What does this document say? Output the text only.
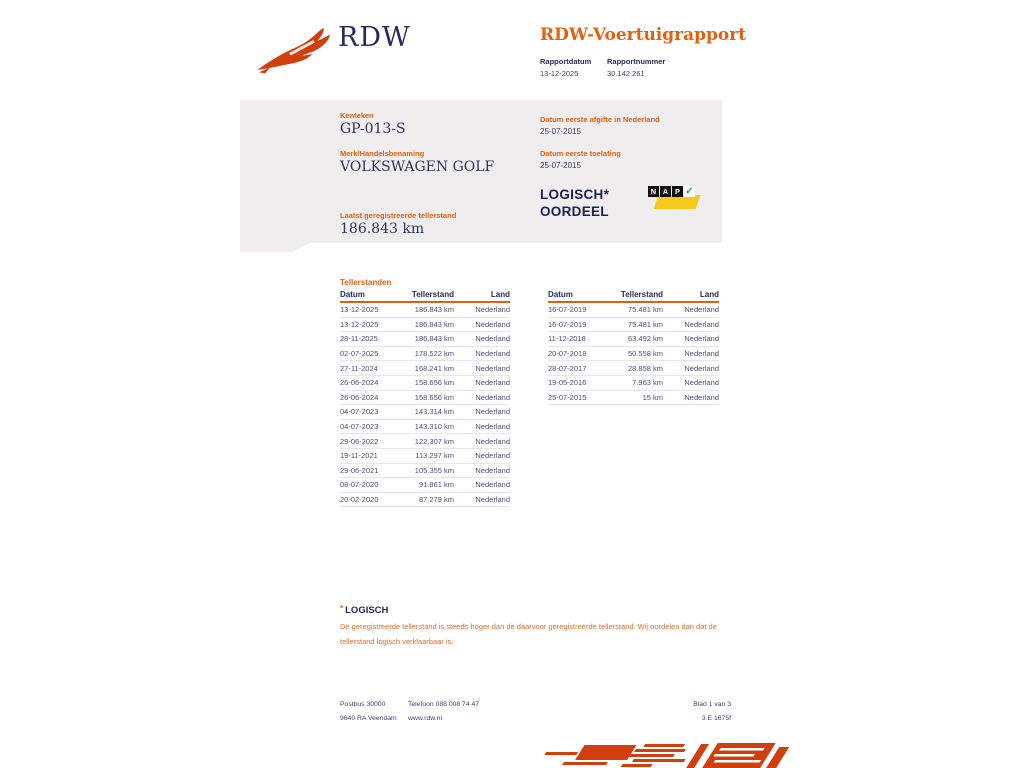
RDW	RDW-Voertuigrapport
Rapportdatum Rapportnummer
13-12-2025	30.142.261
Kenteken
GP-013-S
Merk/Handelsbenaming
VOLKSWAGEN GOLF
Laatst geregistreerde tellerstand
186.843 km
Datum eerste afgifte in Nederland
25-07-2015
Datum eerste toelating
25-07-2015
LOGISCH*
OORDEEL
N A P ✓
Tellerstanden
Datum	Tellerstand	Land
13-12-2025	186.843 km	Nederland
13-12-2025	186.843 km	Nederland
28-11-2025	186.843 km	Nederland
02-07-2025	178.522 km	Nederland
27-11-2024	168.241 km	Nederland
26-06-2024	158.656 km	Nederland
26-06-2024	158.656 km	Nederland
04-07-2023	143.314 km	Nederland
04-07-2023	143.310 km	Nederland
29-06-2022	122.307 km	Nederland
19-11-2021	113.297 km	Nederland
29-06-2021	105.355 km	Nederland
08-07-2020	91.861 km	Nederland
20-02-2020	87.279 km	Nederland
Datum	Tellerstand	Land
16-07-2019	75.481 km	Nederland
16-07-2019	75.481 km	Nederland
11-12-2018	63.492 km	Nederland
20-07-2018	50.558 km	Nederland
28-07-2017	28.858 km	Nederland
19-05-2016	7.963 km	Nederland
25-07-2015	15 km	Nederland
* LOGISCH
De geregistreerde tellerstand is steeds hoger dan de daarvoor geregistreerde tellerstand. Wij oordelen dan dat de tellerstand logisch verklaarbaar is.
Postbus 30000
9640 RA Veendam
Telefoon 088 008 74 47
www.rdw.nl
Blad 1 van 3
3 E 1675f
